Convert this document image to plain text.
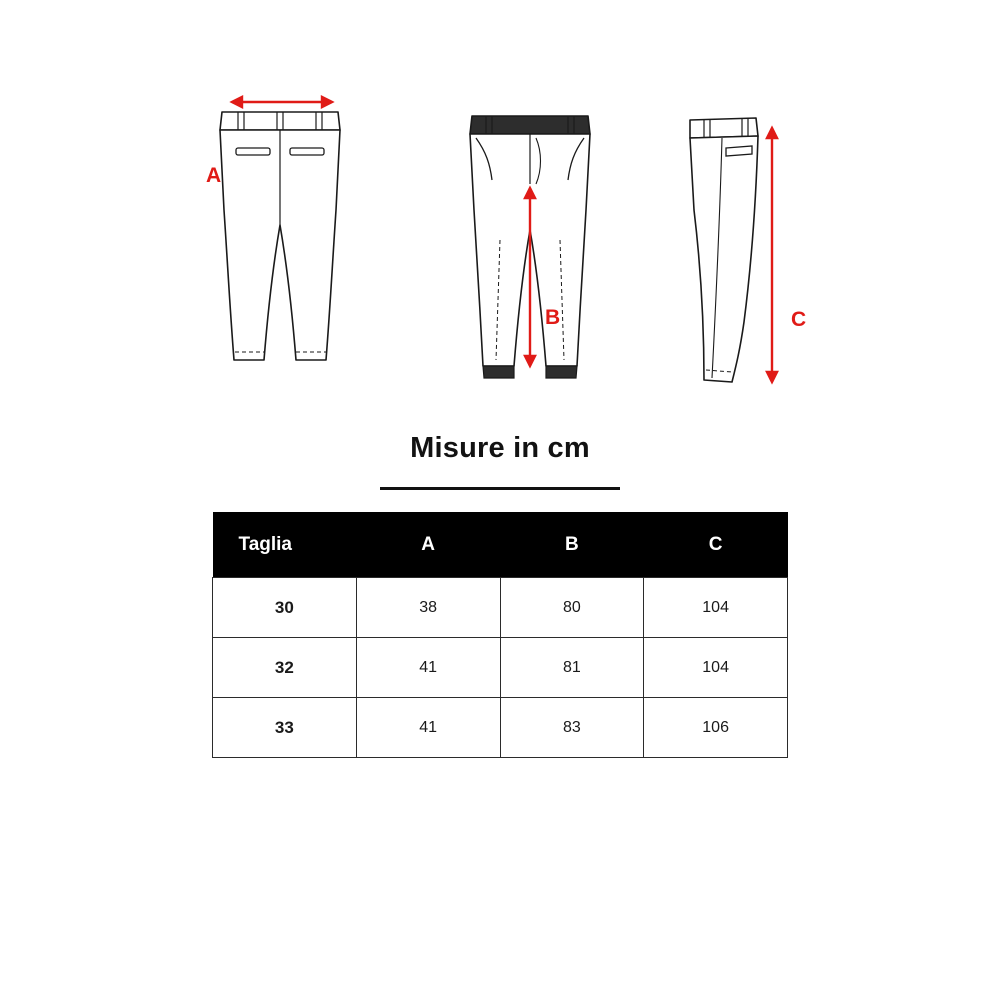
A
B	C
Misure in cm
Taglia	A	B	C
30	38	80	104
32	41	81	104
33	41	83	106
